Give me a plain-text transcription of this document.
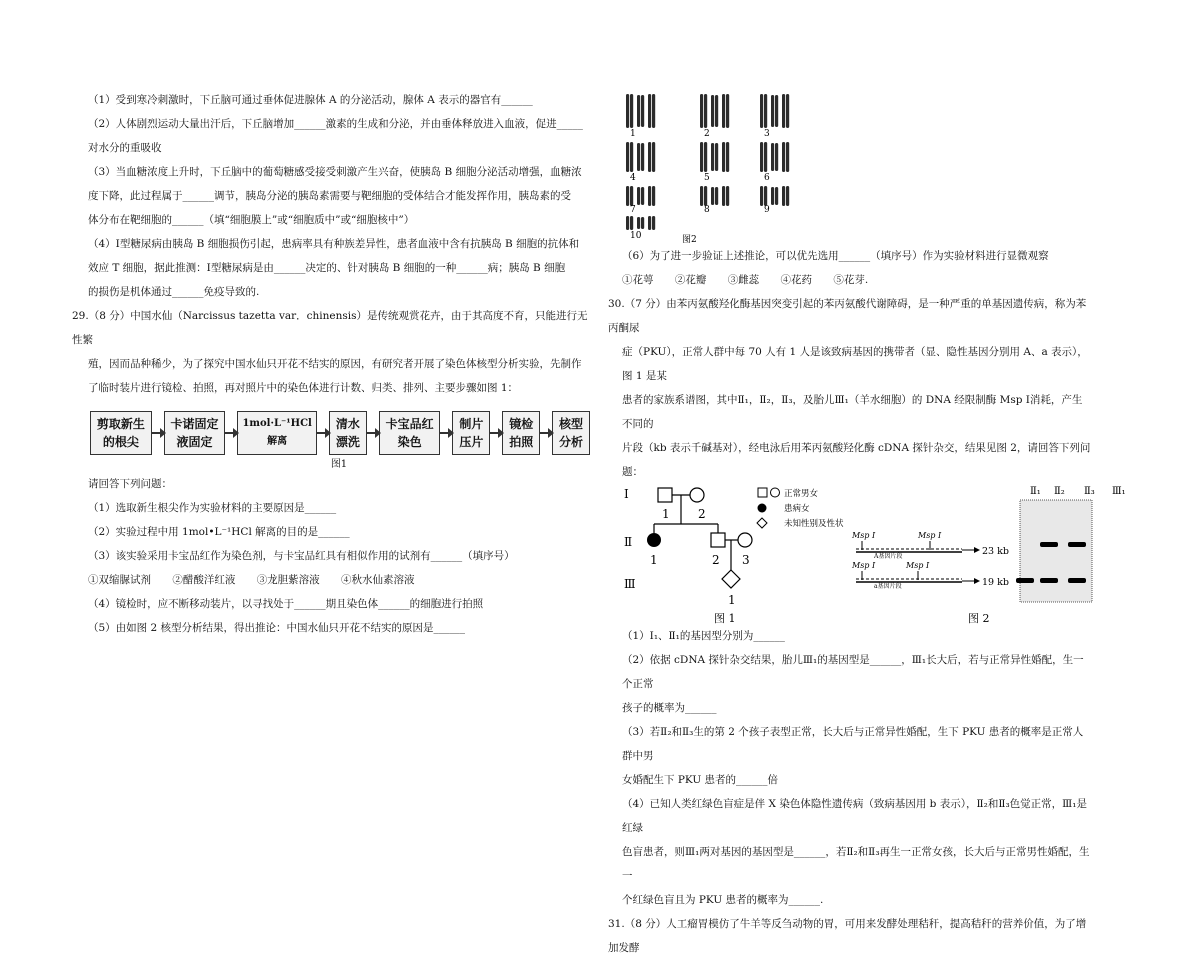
（1）受到寒冷刺激时，下丘脑可通过垂体促进腺体 A 的分泌活动，腺体 A 表示的器官有______

（2）人体剧烈运动大量出汗后，下丘脑增加______激素的生成和分泌，并由垂体释放进入血液，促进_____

对水分的重吸收

（3）当血糖浓度上升时，下丘脑中的葡萄糖感受接受刺激产生兴奋，使胰岛 B 细胞分泌活动增强，血糖浓

度下降，此过程属于______调节，胰岛分泌的胰岛素需要与靶细胞的受体结合才能发挥作用，胰岛素的受

体分布在靶细胞的______（填“细胞膜上”或“细胞质中”或“细胞核中”）

（4）Ⅰ型糖尿病由胰岛 B 细胞损伤引起，患病率具有种族差异性，患者血液中含有抗胰岛 B 细胞的抗体和

效应 T 细胞，据此推测：Ⅰ型糖尿病是由______决定的、针对胰岛 B 细胞的一种______病；胰岛 B 细胞

的损伤是机体通过______免疫导致的.

29.（8 分）中国水仙（Narcissus tazetta var．chinensis）是传统观赏花卉，由于其高度不育，只能进行无性繁

殖，因而品种稀少，为了探究中国水仙只开花不结实的原因，有研究者开展了染色体核型分析实验，先制作

了临时装片进行镜检、拍照，再对照片中的染色体进行计数、归类、排列、主要步骤如图 1：

剪取新生
的根尖
卡诺固定
液固定
1mol·L⁻¹HCl
解离
清水
漂洗
卡宝品红
染色
制片
压片
镜检
拍照
核型
分析
图1

请回答下列问题：

（1）选取新生根尖作为实验材料的主要原因是______

（2）实验过程中用 1mol•L⁻¹HCl 解离的目的是______

（3）该实验采用卡宝品红作为染色剂，与卡宝品红具有相似作用的试剂有______（填序号）

①双缩脲试剂 ②醋酸洋红液 ③龙胆紫溶液 ④秋水仙素溶液

（4）镜检时，应不断移动装片，以寻找处于______期且染色体______的细胞进行拍照

（5）由如图 2 核型分析结果，得出推论：中国水仙只开花不结实的原因是______

1	2	3
4	5	6
7	8	9
10	图2

（6）为了进一步验证上述推论，可以优先选用______（填序号）作为实验材料进行显微观察

①花萼 ②花瓣 ③雌蕊 ④花药 ⑤花芽.

30.（7 分）由苯丙氨酸羟化酶基因突变引起的苯丙氨酸代谢障碍，是一种严重的单基因遗传病，称为苯丙酮尿

症（PKU），正常人群中每 70 人有 1 人是该致病基因的携带者（显、隐性基因分别用 A、a 表示），图 1 是某

患者的家族系谱图，其中Ⅱ₁，Ⅱ₂，Ⅱ₃，及胎儿Ⅲ₁（羊水细胞）的 DNA 经限制酶 Msp Ⅰ消耗，产生不同的

片段（kb 表示千碱基对），经电泳后用苯丙氨酸羟化酶 cDNA 探针杂交，结果见图 2，请回答下列问题：

Ⅰ
Ⅱ
Ⅲ
1 2
1	2 3
1
正常男女
患病女
未知性别及性状
图 1
Msp Ⅰ	Msp Ⅰ
A基因片段	23 kb
Msp Ⅰ	Msp Ⅰ
a基因片段	19 kb
图 2
Ⅱ₁ Ⅱ₂ Ⅱ₃ Ⅲ₁

（1）Ⅰ₁、Ⅱ₁的基因型分别为______

（2）依据 cDNA 探针杂交结果，胎儿Ⅲ₁的基因型是______，Ⅲ₁长大后，若与正常异性婚配，生一个正常

孩子的概率为______

（3）若Ⅱ₂和Ⅱ₃生的第 2 个孩子表型正常，长大后与正常异性婚配，生下 PKU 患者的概率是正常人群中男

女婚配生下 PKU 患者的______倍

（4）已知人类红绿色盲症是伴 X 染色体隐性遗传病（致病基因用 b 表示），Ⅱ₂和Ⅱ₃色觉正常，Ⅲ₁是红绿

色盲患者，则Ⅲ₁两对基因的基因型是______，若Ⅱ₂和Ⅱ₃再生一正常女孩，长大后与正常男性婚配，生一

个红绿色盲且为 PKU 患者的概率为______.

31.（8 分）人工瘤胃模仿了牛羊等反刍动物的胃，可用来发酵处理秸秆，提高秸秆的营养价值，为了增加发酵
